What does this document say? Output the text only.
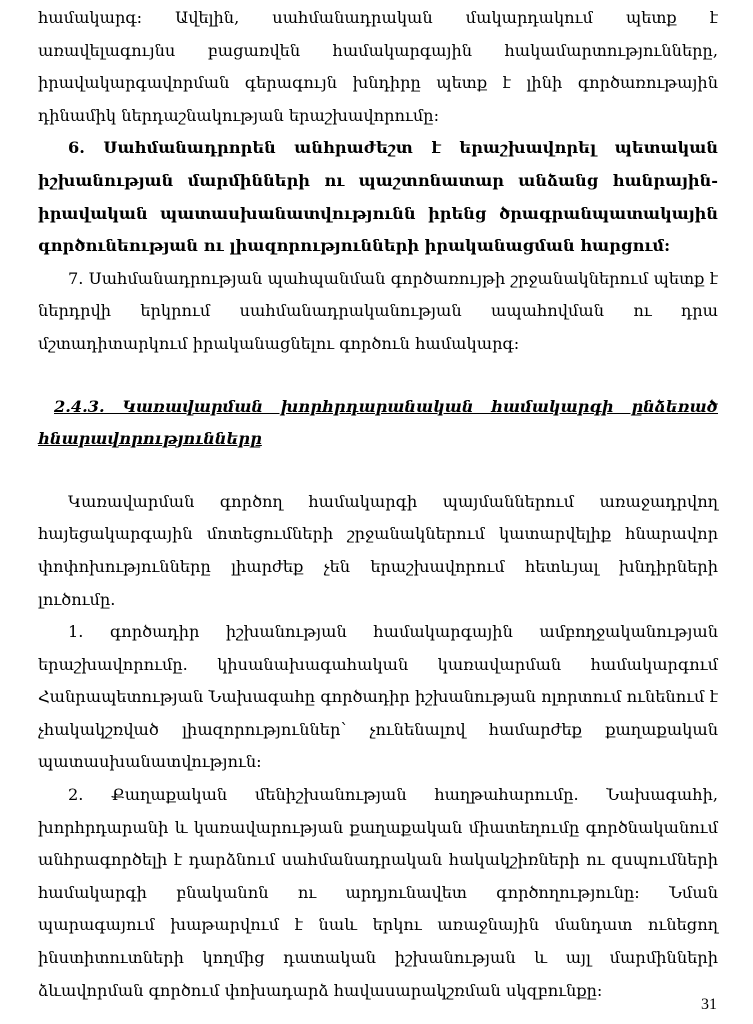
համակարգ: Ավելին, սահմանադրական մակարդակում պետք է առավելագույնս բացառվեն համակարգային հակամարտությունները, իրավակարգավորման գերագույն խնդիրը պետք է լինի գործառութային դինամիկ ներդաշնակության երաշխավորումը:

6. Սահմանադրորեն անհրաժեշտ է երաշխավորել պետական իշխանության մարմինների ու պաշտոնատար անձանց հանրային-իրավական պատասխանատվությունն իրենց ծրագրանպատակային գործունեության ու լիազորությունների իրականացման հարցում:

7. Սահմանադրության պահպանման գործառույթի շրջանակներում պետք է ներդրվի երկրում սահմանադրականության ապահովման ու դրա մշտադիտարկում իրականացնելու գործուն համակարգ:

2.4.3. Կառավարման խորհրդարանական համակարգի ընձեռած հնարավորությունները

Կառավարման գործող համակարգի պայմաններում առաջադրվող հայեցակարգային մոտեցումների շրջանակներում կատարվելիք հնարավոր փոփոխությունները լիարժեք չեն երաշխավորում հետևյալ խնդիրների լուծումը.

1. գործադիր իշխանության համակարգային ամբողջականության երաշխավորումը. կիսանախագահական կառավարման համակարգում Հանրապետության Նախագահը գործադիր իշխանության ոլորտում ունենում է չհակակշռված լիազորություններ՝ չունենալով համարժեք քաղաքական պատասխանատվություն:

2. Քաղաքական մենիշխանության հաղթահարումը. Նախագահի, խորհրդարանի և կառավարության քաղաքական միատեղումը գործնականում անհրագործելի է դարձնում սահմանադրական հակակշիռների ու զսպումների համակարգի բնականոն ու արդյունավետ գործողությունը: Նման պարագայում խաթարվում է նաև երկու առաջնային մանդատ ունեցող ինստիտուտների կողմից դատական իշխանության և այլ մարմինների ձևավորման գործում փոխադարձ հավասարակշռման սկզբունքը:

31
